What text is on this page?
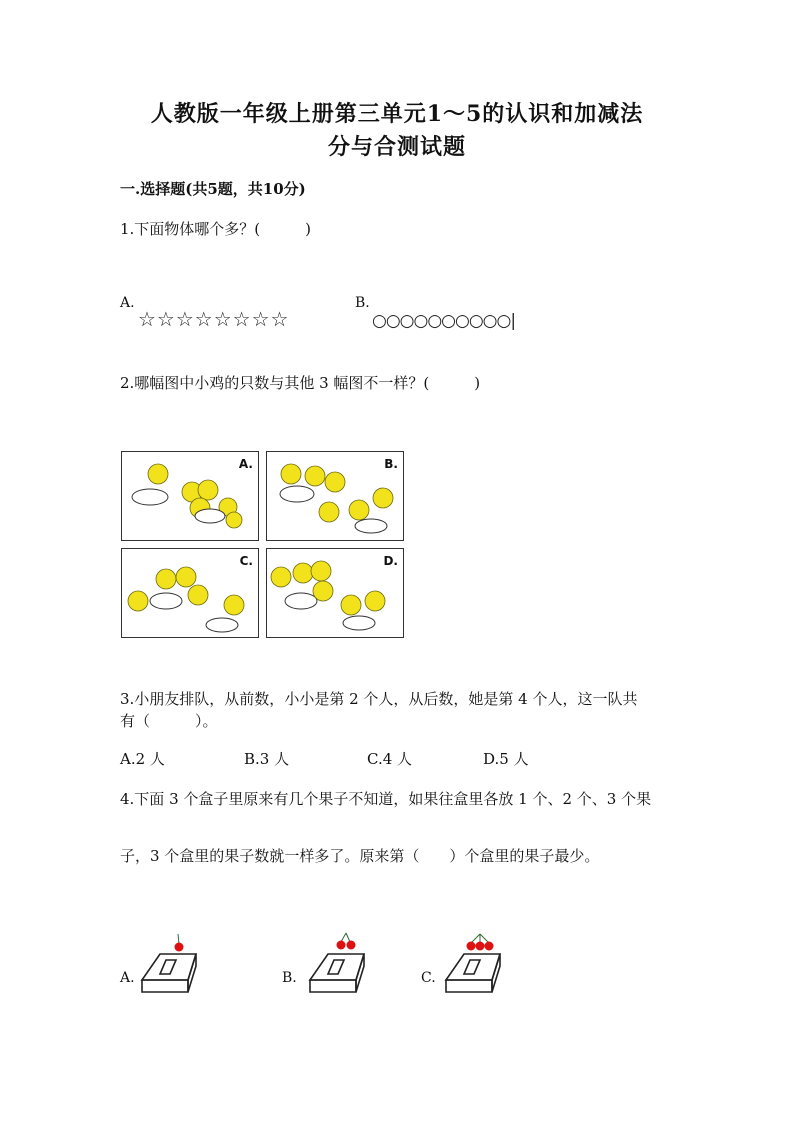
人教版一年级上册第三单元1～5的认识和加减法
分与合测试题
一.选择题(共5题，共10分)
1.下面物体哪个多？(　　　)
A.
☆☆☆☆☆☆☆☆
B.
○○○○○○○○○○|
2.哪幅图中小鸡的只数与其他 3 幅图不一样？(　　　)
A.	B.
C.	D.
3.小朋友排队，从前数，小小是第 2 个人，从后数，她是第 4 个人，这一队共
有（　　　）。
A.2 人	B.3 人	C.4 人	D.5 人
4.下面 3 个盒子里原来有几个果子不知道，如果往盒里各放 1 个、2 个、3 个果
子，3 个盒里的果子数就一样多了。原来第（　　）个盒里的果子最少。
A.	B.	C.
